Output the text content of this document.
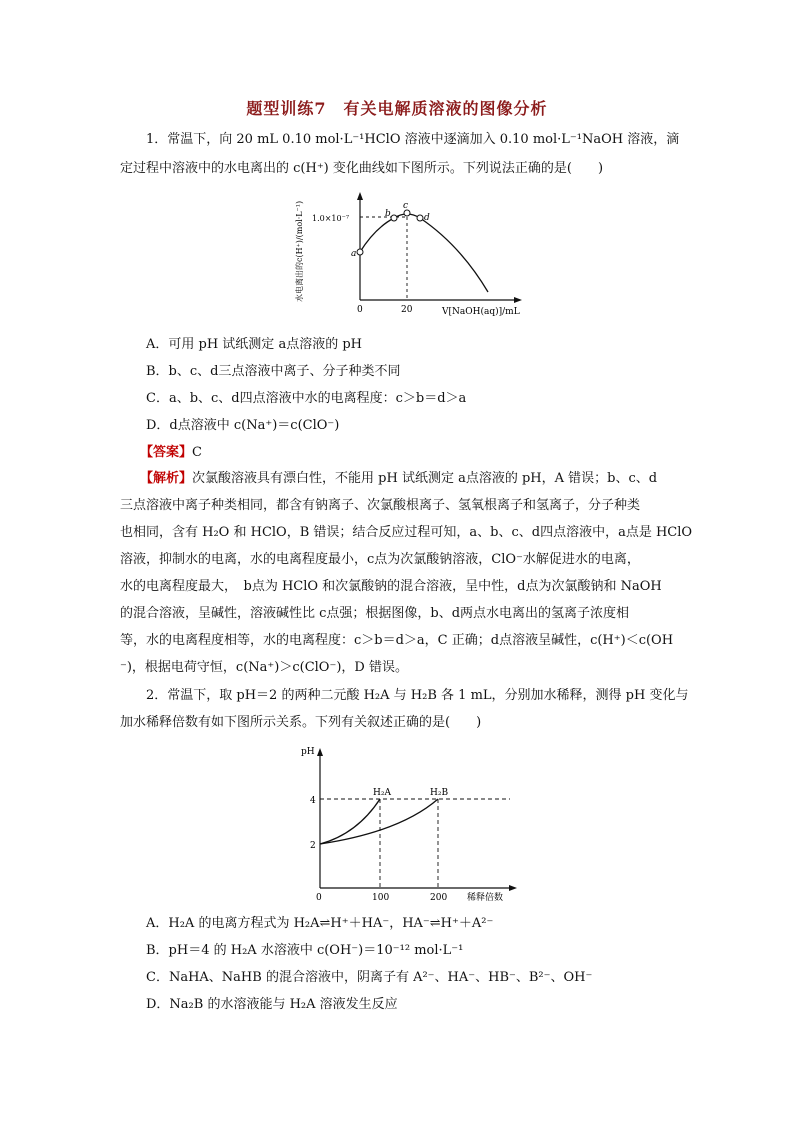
题型训练7　有关电解质溶液的图像分析
1．常温下，向 20 mL 0.10 mol·L⁻¹HClO 溶液中逐滴加入 0.10 mol·L⁻¹NaOH 溶液，滴
定过程中溶液中的水电离出的 c(H⁺) 变化曲线如下图所示。下列说法正确的是(　　)
a
b
c
d
1.0×10⁻⁷
0	20	V[NaOH(aq)]/mL
水电离出的c(H⁺)/(mol·L⁻¹)
A．可用 pH 试纸测定 a点溶液的 pH
B．b、c、d三点溶液中离子、分子种类不同
C．a、b、c、d四点溶液中水的电离程度：c＞b＝d＞a
D．d点溶液中 c(Na⁺)＝c(ClO⁻)
【答案】C
【解析】次氯酸溶液具有漂白性，不能用 pH 试纸测定 a点溶液的 pH，A 错误；b、c、d
三点溶液中离子种类相同，都含有钠离子、次氯酸根离子、氢氧根离子和氢离子，分子种类
也相同，含有 H₂O 和 HClO，B 错误；结合反应过程可知，a、b、c、d四点溶液中，a点是 HClO
溶液，抑制水的电离，水的电离程度最小，c点为次氯酸钠溶液，ClO⁻水解促进水的电离，
水的电离程度最大，　b点为 HClO 和次氯酸钠的混合溶液，呈中性，d点为次氯酸钠和 NaOH
的混合溶液，呈碱性，溶液碱性比 c点强；根据图像，b、d两点水电离出的氢离子浓度相
等，水的电离程度相等，水的电离程度：c＞b＝d＞a，C 正确；d点溶液呈碱性，c(H⁺)＜c(OH
⁻)，根据电荷守恒，c(Na⁺)＞c(ClO⁻)，D 错误。
2．常温下，取 pH＝2 的两种二元酸 H₂A 与 H₂B 各 1 mL，分别加水稀释，测得 pH 变化与
加水稀释倍数有如下图所示关系。下列有关叙述正确的是(　　)
H₂A	H₂B
pH
4
2
0	100	200 稀释倍数
A．H₂A 的电离方程式为 H₂A⇌H⁺＋HA⁻，HA⁻⇌H⁺＋A²⁻
B．pH＝4 的 H₂A 水溶液中 c(OH⁻)＝10⁻¹² mol·L⁻¹
C．NaHA、NaHB 的混合溶液中，阴离子有 A²⁻、HA⁻、HB⁻、B²⁻、OH⁻
D．Na₂B 的水溶液能与 H₂A 溶液发生反应
